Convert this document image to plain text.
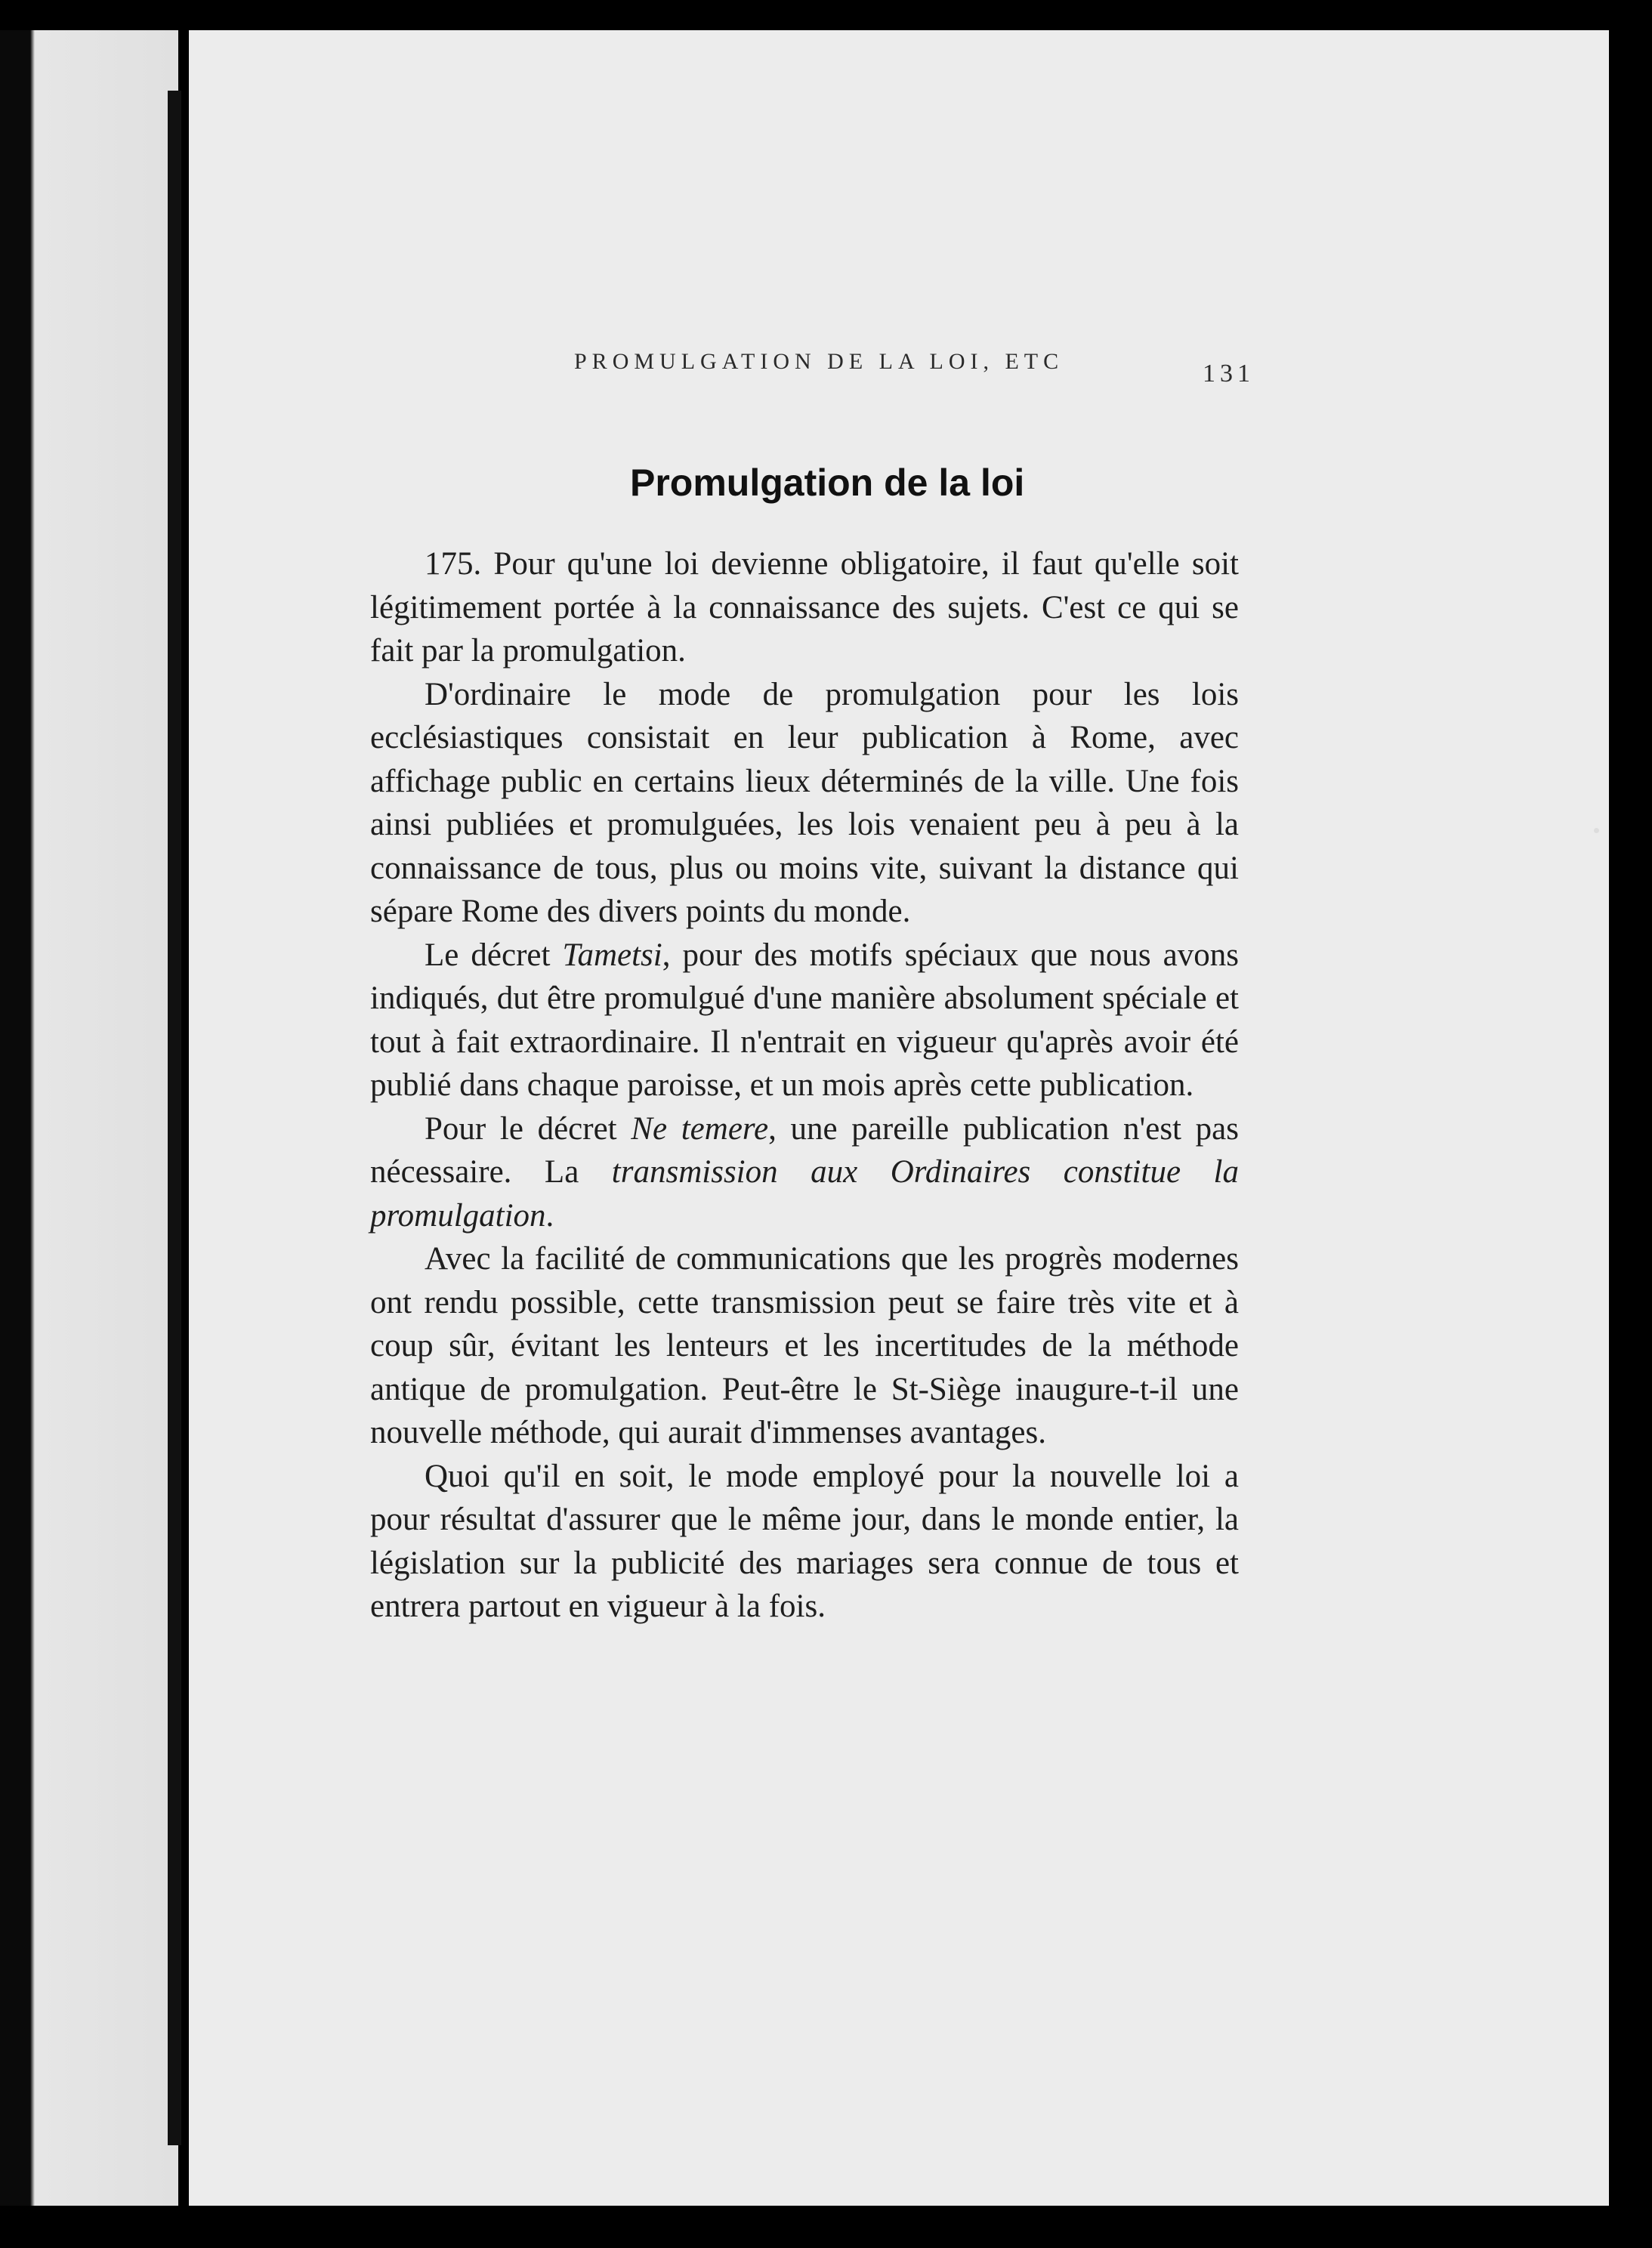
PROMULGATION DE LA LOI, ETC	131
Promulgation de la loi

175. Pour qu'une loi devienne obligatoire, il faut qu'elle soit légitimement portée à la connaissance des sujets. C'est ce qui se fait par la promulgation.

D'ordinaire le mode de promulgation pour les lois ecclésiastiques consistait en leur publication à Rome, avec affichage public en certains lieux déterminés de la ville. Une fois ainsi publiées et promulguées, les lois venaient peu à peu à la connaissance de tous, plus ou moins vite, suivant la distance qui sépare Rome des divers points du monde.

Le décret Tametsi, pour des motifs spéciaux que nous avons indiqués, dut être promulgué d'une manière absolument spéciale et tout à fait extraordinaire. Il n'entrait en vigueur qu'après avoir été publié dans chaque paroisse, et un mois après cette publication.

Pour le décret Ne temere, une pareille publication n'est pas nécessaire. La transmission aux Ordinaires constitue la promulgation.

Avec la facilité de communications que les progrès modernes ont rendu possible, cette transmission peut se faire très vite et à coup sûr, évitant les lenteurs et les incertitudes de la méthode antique de promulgation. Peut-être le St-Siège inaugure-t-il une nouvelle méthode, qui aurait d'immenses avantages.

Quoi qu'il en soit, le mode employé pour la nouvelle loi a pour résultat d'assurer que le même jour, dans le monde entier, la législation sur la publicité des mariages sera connue de tous et entrera partout en vigueur à la fois.
